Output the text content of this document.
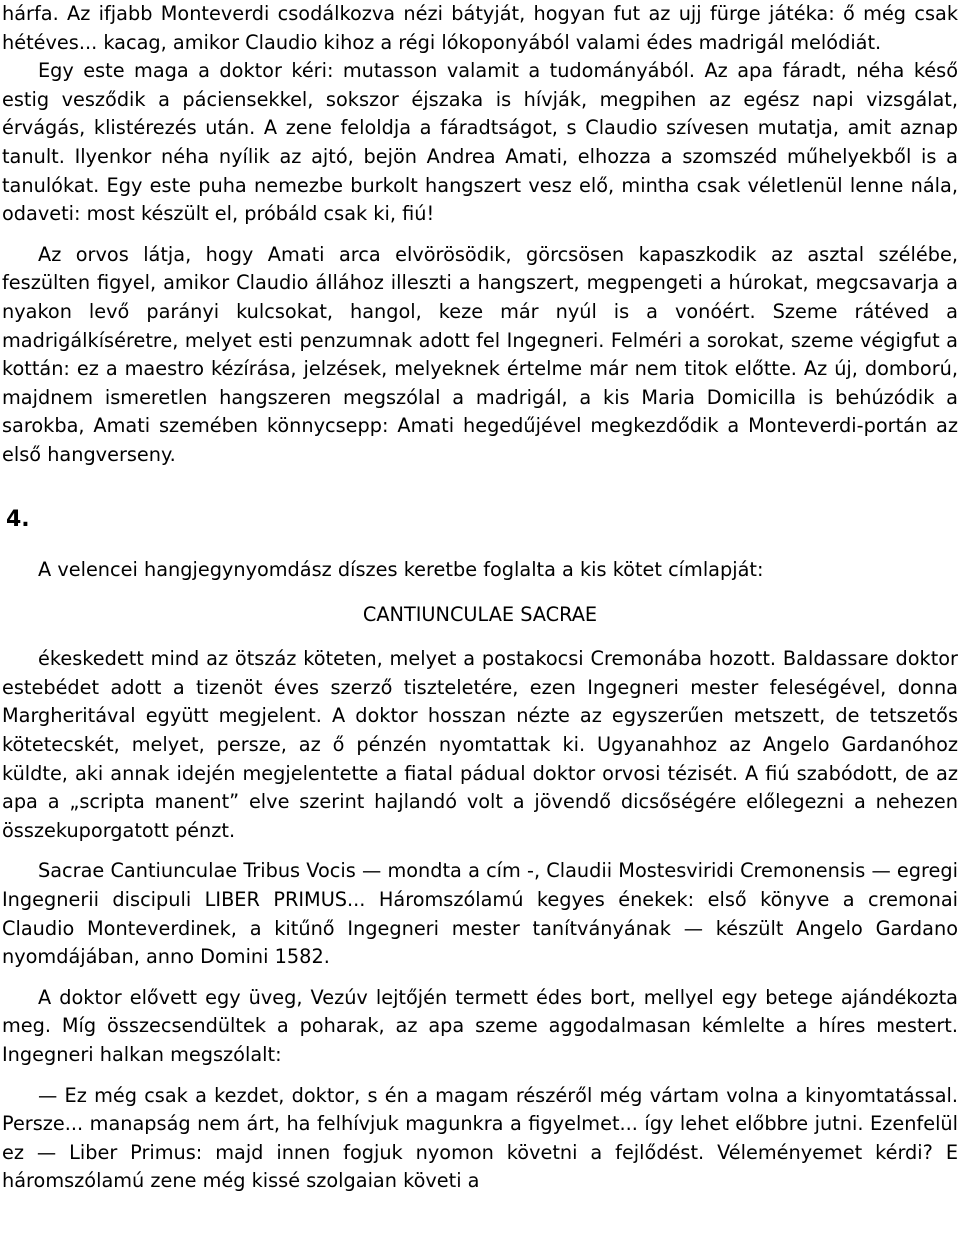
hárfa. Az ifjabb Monteverdi csodálkozva nézi bátyját, hogyan fut az ujj fürge játéka: ő még csak hétéves... kacag, amikor Claudio kihoz a régi lókoponyából valami édes madrigál melódiát.

Egy este maga a doktor kéri: mutasson valamit a tudományából. Az apa fáradt, néha késő estig vesződik a páciensekkel, sokszor éjszaka is hívják, megpihen az egész napi vizsgálat, érvágás, klistérezés után. A zene feloldja a fáradtságot, s Claudio szívesen mutatja, amit aznap tanult. Ilyenkor néha nyílik az ajtó, bejön Andrea Amati, elhozza a szomszéd műhelyekből is a tanulókat. Egy este puha nemezbe burkolt hangszert vesz elő, mintha csak véletlenül lenne nála, odaveti: most készült el, próbáld csak ki, fiú!

Az orvos látja, hogy Amati arca elvörösödik, görcsösen kapaszkodik az asztal szélébe, feszülten figyel, amikor Claudio állához illeszti a hangszert, megpengeti a húrokat, megcsavarja a nyakon levő parányi kulcsokat, hangol, keze már nyúl is a vonóért. Szeme rátéved a madrigálkíséretre, melyet esti penzumnak adott fel Ingegneri. Felméri a sorokat, szeme végigfut a kottán: ez a maestro kézírása, jelzések, melyeknek értelme már nem titok előtte. Az új, domború, majdnem ismeretlen hangszeren megszólal a madrigál, a kis Maria Domicilla is behúzódik a sarokba, Amati szemében könnycsepp: Amati hegedűjével megkezdődik a Monteverdi-portán az első hangverseny.

4.

A velencei hangjegynyomdász díszes keretbe foglalta a kis kötet címlapját:

CANTIUNCULAE SACRAE

ékeskedett mind az ötszáz köteten, melyet a postakocsi Cremonába hozott. Baldassare doktor estebédet adott a tizenöt éves szerző tiszteletére, ezen Ingegneri mester feleségével, donna Margheritával együtt megjelent. A doktor hosszan nézte az egyszerűen metszett, de tetszetős kötetecskét, melyet, persze, az ő pénzén nyomtattak ki. Ugyanahhoz az Angelo Gardanóhoz küldte, aki annak idején megjelentette a fiatal pádual doktor orvosi tézisét. A fiú szabódott, de az apa a „scripta manent” elve szerint hajlandó volt a jövendő dicsőségére előlegezni a nehezen összekuporgatott pénzt.

Sacrae Cantiunculae Tribus Vocis — mondta a cím -, Claudii Mostesviridi Cremonensis — egregi Ingegnerii discipuli LIBER PRIMUS... Háromszólamú kegyes énekek: első könyve a cremonai Claudio Monteverdinek, a kitűnő Ingegneri mester tanítványának — készült Angelo Gardano nyomdájában, anno Domini 1582.

A doktor elővett egy üveg, Vezúv lejtőjén termett édes bort, mellyel egy betege ajándékozta meg. Míg összecsendültek a poharak, az apa szeme aggodalmasan kémlelte a híres mestert. Ingegneri halkan megszólalt:

— Ez még csak a kezdet, doktor, s én a magam részéről még vártam volna a kinyomtatással. Persze... manapság nem árt, ha felhívjuk magunkra a figyelmet... így lehet előbbre jutni. Ezenfelül ez — Liber Primus: majd innen fogjuk nyomon követni a fejlődést. Véleményemet kérdi? E háromszólamú zene még kissé szolgaian követi a
